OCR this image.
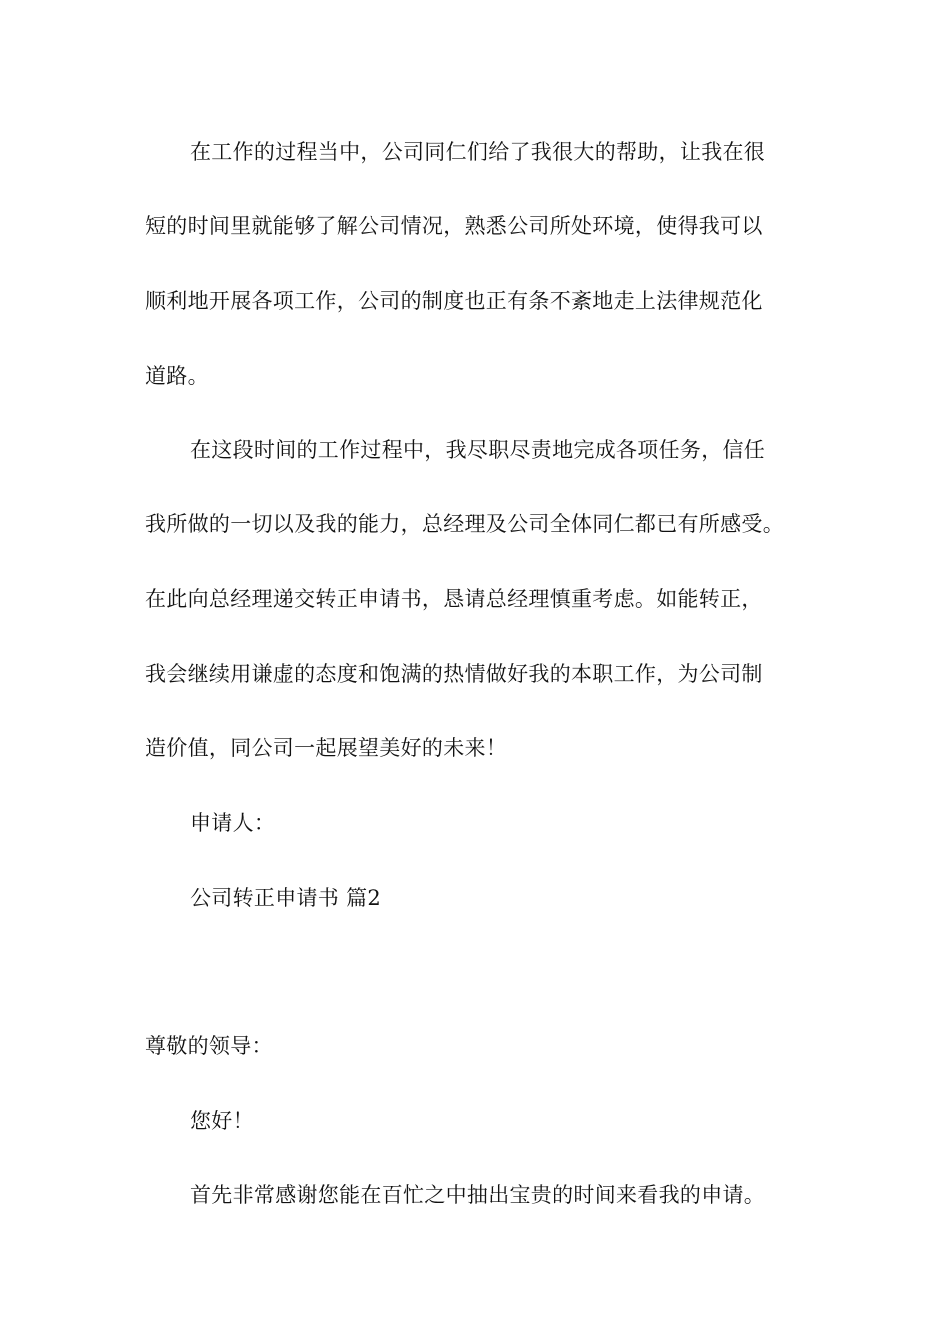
在工作的过程当中，公司同仁们给了我很大的帮助，让我在很
短的时间里就能够了解公司情况，熟悉公司所处环境，使得我可以
顺利地开展各项工作，公司的制度也正有条不紊地走上法律规范化
道路。
在这段时间的工作过程中，我尽职尽责地完成各项任务，信任
我所做的一切以及我的能力，总经理及公司全体同仁都已有所感受。
在此向总经理递交转正申请书，恳请总经理慎重考虑。如能转正，
我会继续用谦虚的态度和饱满的热情做好我的本职工作，为公司制
造价值，同公司一起展望美好的未来！
申请人：
公司转正申请书 篇2
尊敬的领导：
您好！
首先非常感谢您能在百忙之中抽出宝贵的时间来看我的申请。
